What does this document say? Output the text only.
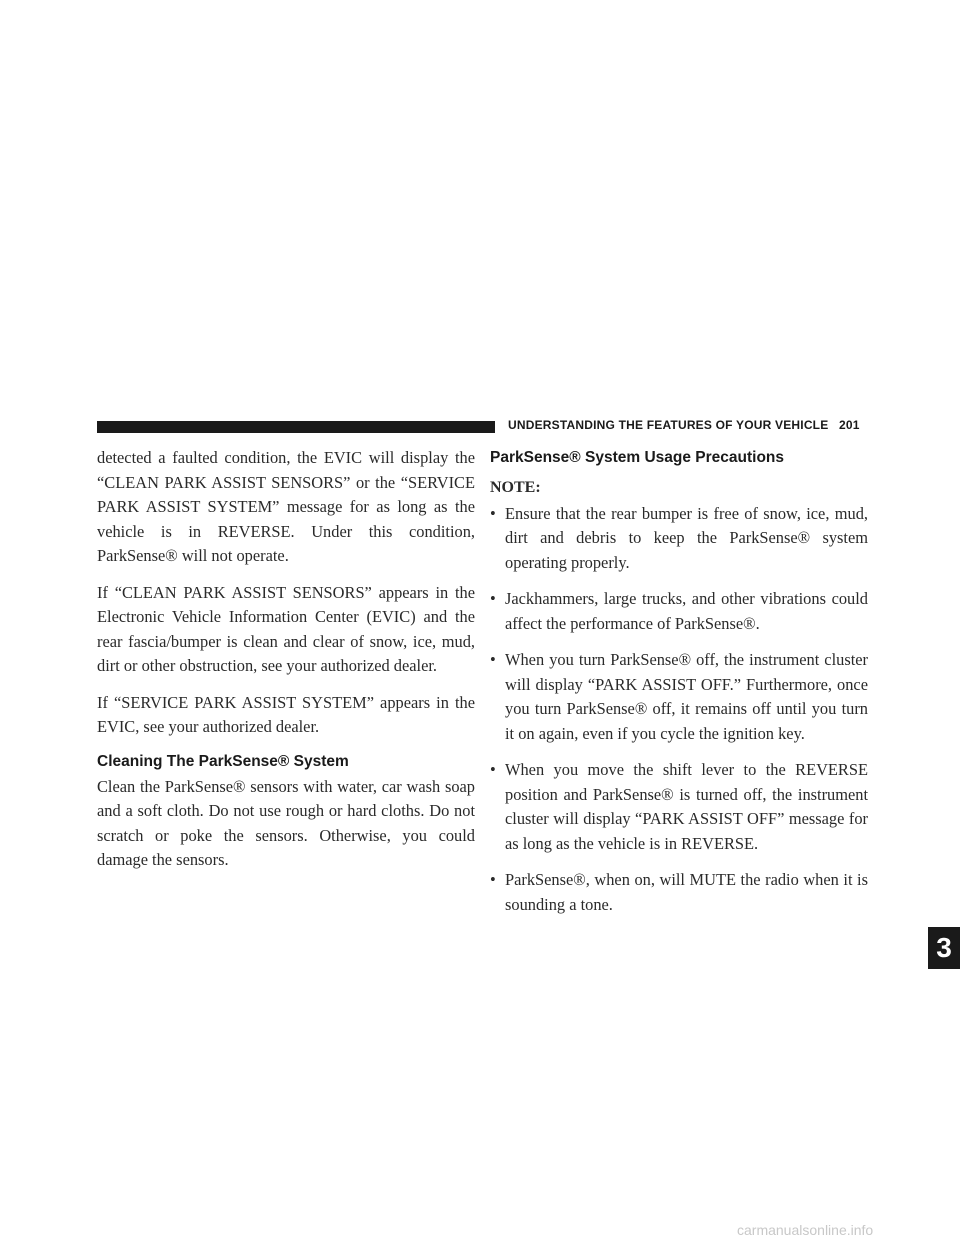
UNDERSTANDING THE FEATURES OF YOUR VEHICLE 201

detected a faulted condition, the EVIC will display the “CLEAN PARK ASSIST SENSORS” or the “SERVICE PARK ASSIST SYSTEM” message for as long as the vehicle is in REVERSE. Under this condition, ParkSense® will not operate.

If “CLEAN PARK ASSIST SENSORS” appears in the Electronic Vehicle Information Center (EVIC) and the rear fascia/bumper is clean and clear of snow, ice, mud, dirt or other obstruction, see your authorized dealer.

If “SERVICE PARK ASSIST SYSTEM” appears in the EVIC, see your authorized dealer.

Cleaning The ParkSense® System

Clean the ParkSense® sensors with water, car wash soap and a soft cloth. Do not use rough or hard cloths. Do not scratch or poke the sensors. Otherwise, you could damage the sensors.

ParkSense® System Usage Precautions
NOTE:
• Ensure that the rear bumper is free of snow, ice, mud, dirt and debris to keep the ParkSense® system operating properly.
• Jackhammers, large trucks, and other vibrations could affect the performance of ParkSense®.
• When you turn ParkSense® off, the instrument cluster will display “PARK ASSIST OFF.” Furthermore, once you turn ParkSense® off, it remains off until you turn it on again, even if you cycle the ignition key.
• When you move the shift lever to the REVERSE position and ParkSense® is turned off, the instrument cluster will display “PARK ASSIST OFF” message for as long as the vehicle is in REVERSE.
• ParkSense®, when on, will MUTE the radio when it is sounding a tone.
3
carmanualsonline.info
